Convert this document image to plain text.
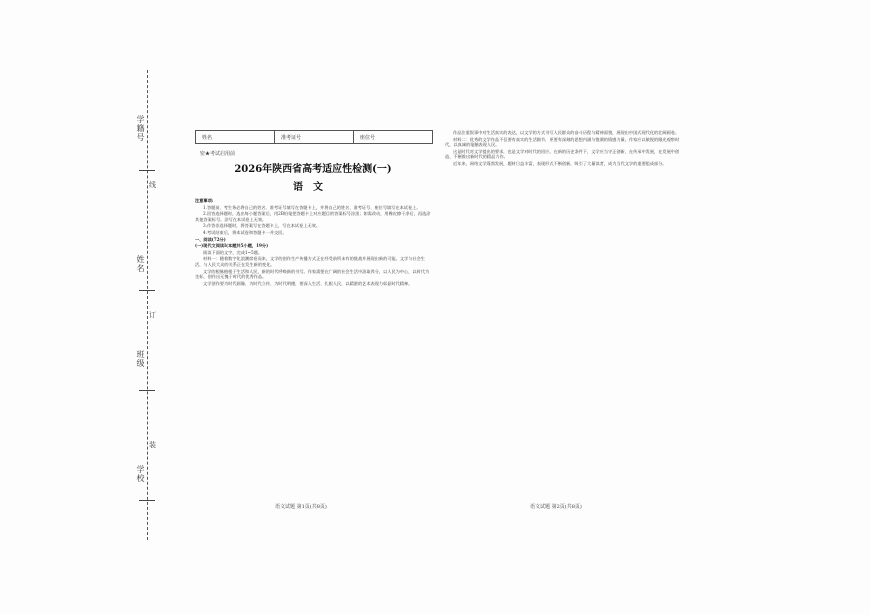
学籍号
姓名
班级
学校
线
订
装
姓名	准考证号	座位号
密★考试启用前
2026年陕西省高考适应性检测(一)
语文

注意事项:

1.答题前，考生务必将自己的姓名、准考证号填写在答题卡上，并将自己的姓名、准考证号、座位号填写在本试卷上。

2.回答选择题时，选出每小题答案后，用2B铅笔把答题卡上对应题目的答案标号涂黑；如需改动，用橡皮擦干净后，再选涂其他答案标号。涂写在本试卷上无效。

3.作答非选择题时，将答案写在答题卡上，写在本试卷上无效。

4.考试结束后，将本试卷和答题卡一并交回。

一、阅读(72分)

(一)现代文阅读I(本题共5小题，19分)

阅读下面的文字，完成1~5题。

材料一：随着数字化浪潮席卷而来，文学的创作生产传播方式正在经受前所未有的挑战并展现出新的可能。文学与社会生活，与人民大众的关系正在发生新的变化。

文学的根脉植根于生活和人民，新的时代呼唤新的书写。作家需要在广阔的社会生活中汲取养分，以人民为中心，以时代为坐标，创作出无愧于时代的优秀作品。

文学创作要为时代画像、为时代立传、为时代明德，要深入生活、扎根人民，以精湛的艺术表现力彰显时代精神。

作品注重叙事中对生活真实的表达，以文学的方式书写人民群众的奋斗历程与精神面貌，展现出中国式现代化的壮阔画卷。

材料二：优秀的文学作品不仅要有真实的生活细节，更要有深刻的思想内涵与饱满的情感力量。作家应以敏锐的眼光观察时代，以真诚的笔触表现人民。

这是时代对文学提出的要求，也是文学对时代的回应。在新的历史条件下，文学应当守正创新，在传承中发展，在发展中创造，不断推出新时代的精品力作。

近年来，网络文学蓬勃发展，题材日益丰富，表现形式不断创新，吸引了大量读者，成为当代文学的重要组成部分。

语文试题 第1页(共8页)	语文试题 第2页(共8页)
